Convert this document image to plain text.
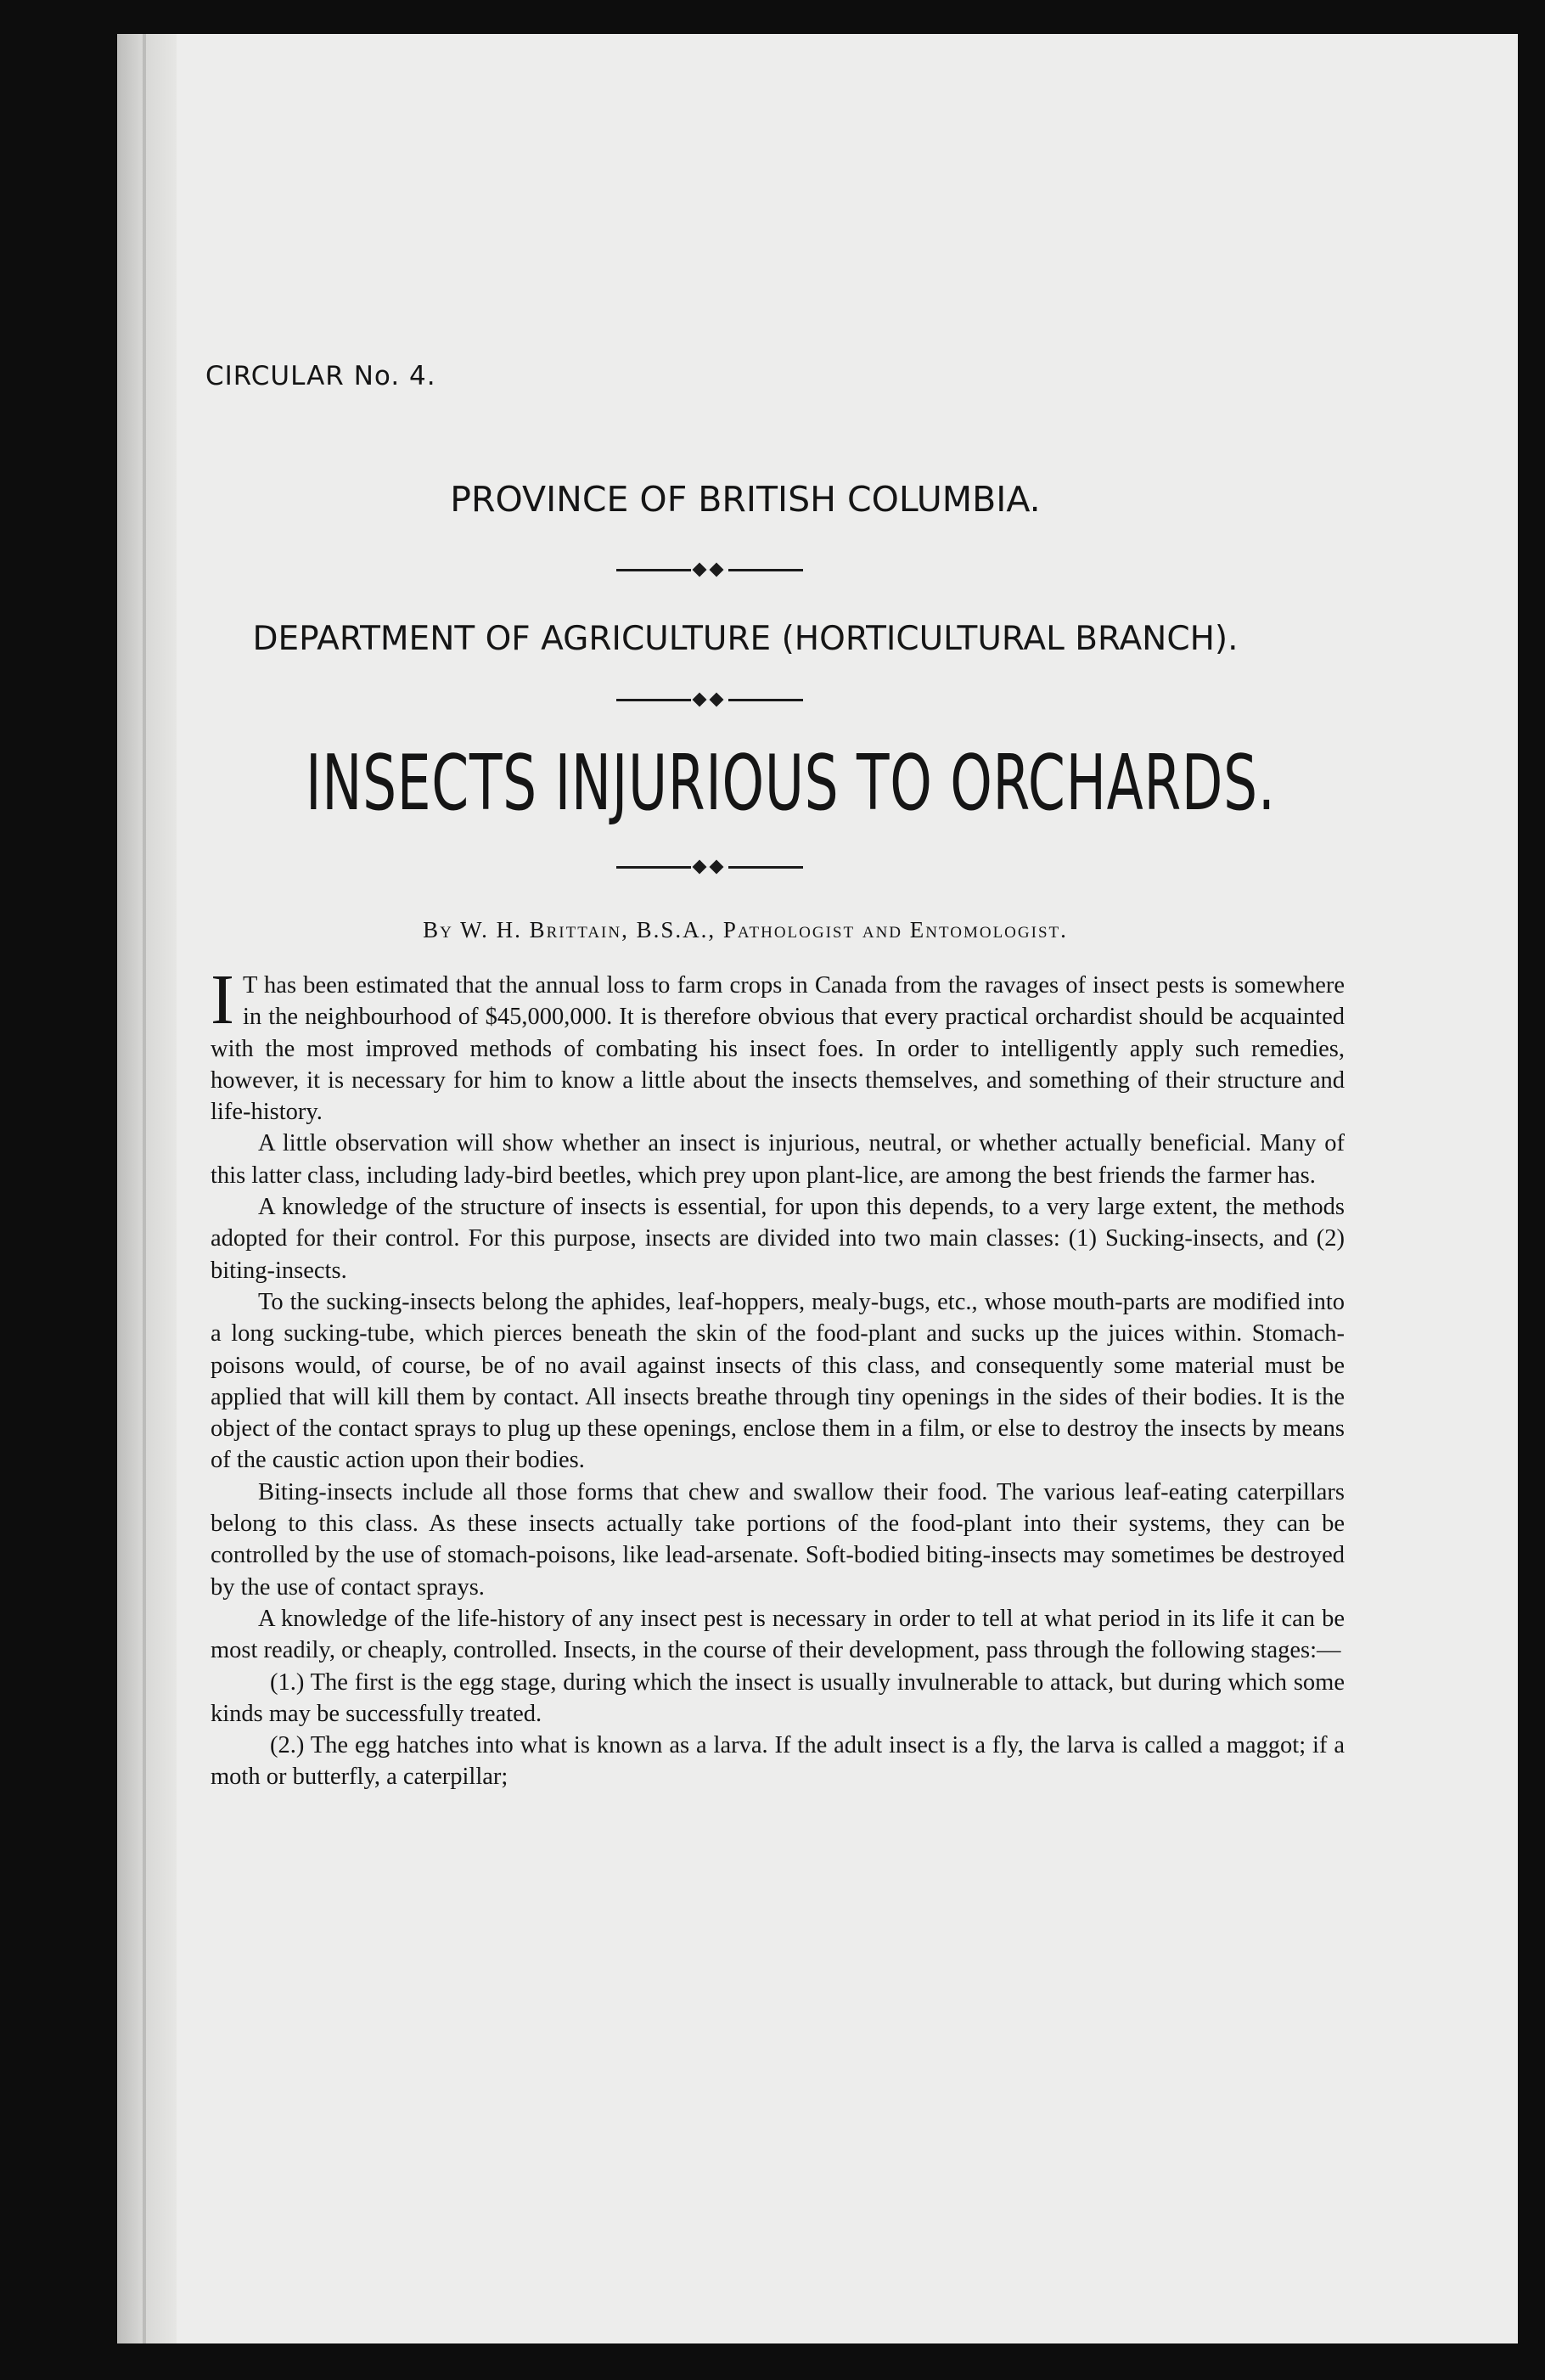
CIRCULAR No. 4.
PROVINCE OF BRITISH COLUMBIA.
DEPARTMENT OF AGRICULTURE (HORTICULTURAL BRANCH).
INSECTS INJURIOUS TO ORCHARDS.
By W. H. Brittain, B.S.A., Pathologist and Entomologist.

I T has been estimated that the annual loss to farm crops in Canada from the ravages of insect pests is somewhere in the neighbourhood of $45,000,000. It is therefore obvious that every practical orchardist should be acquainted with the most improved methods of combating his insect foes. In order to intelligently apply such remedies, however, it is necessary for him to know a little about the insects themselves, and something of their structure and life-history.

A little observation will show whether an insect is injurious, neutral, or whether actually beneficial. Many of this latter class, including lady-bird beetles, which prey upon plant-lice, are among the best friends the farmer has.

A knowledge of the structure of insects is essential, for upon this depends, to a very large extent, the methods adopted for their control. For this purpose, insects are divided into two main classes: (1) Sucking-insects, and (2) biting-insects.

To the sucking-insects belong the aphides, leaf-hoppers, mealy-bugs, etc., whose mouth-parts are modified into a long sucking-tube, which pierces beneath the skin of the food-plant and sucks up the juices within. Stomach-poisons would, of course, be of no avail against insects of this class, and consequently some material must be applied that will kill them by contact. All insects breathe through tiny openings in the sides of their bodies. It is the object of the contact sprays to plug up these openings, enclose them in a film, or else to destroy the insects by means of the caustic action upon their bodies.

Biting-insects include all those forms that chew and swallow their food. The various leaf-eating caterpillars belong to this class. As these insects actually take portions of the food-plant into their systems, they can be controlled by the use of stomach-poisons, like lead-arsenate. Soft-bodied biting-insects may sometimes be destroyed by the use of contact sprays.

A knowledge of the life-history of any insect pest is necessary in order to tell at what period in its life it can be most readily, or cheaply, controlled. Insects, in the course of their development, pass through the following stages:—

(1.) The first is the egg stage, during which the insect is usually invulnerable to attack, but during which some kinds may be successfully treated.

(2.) The egg hatches into what is known as a larva. If the adult insect is a fly, the larva is called a maggot; if a moth or butterfly, a caterpillar;
